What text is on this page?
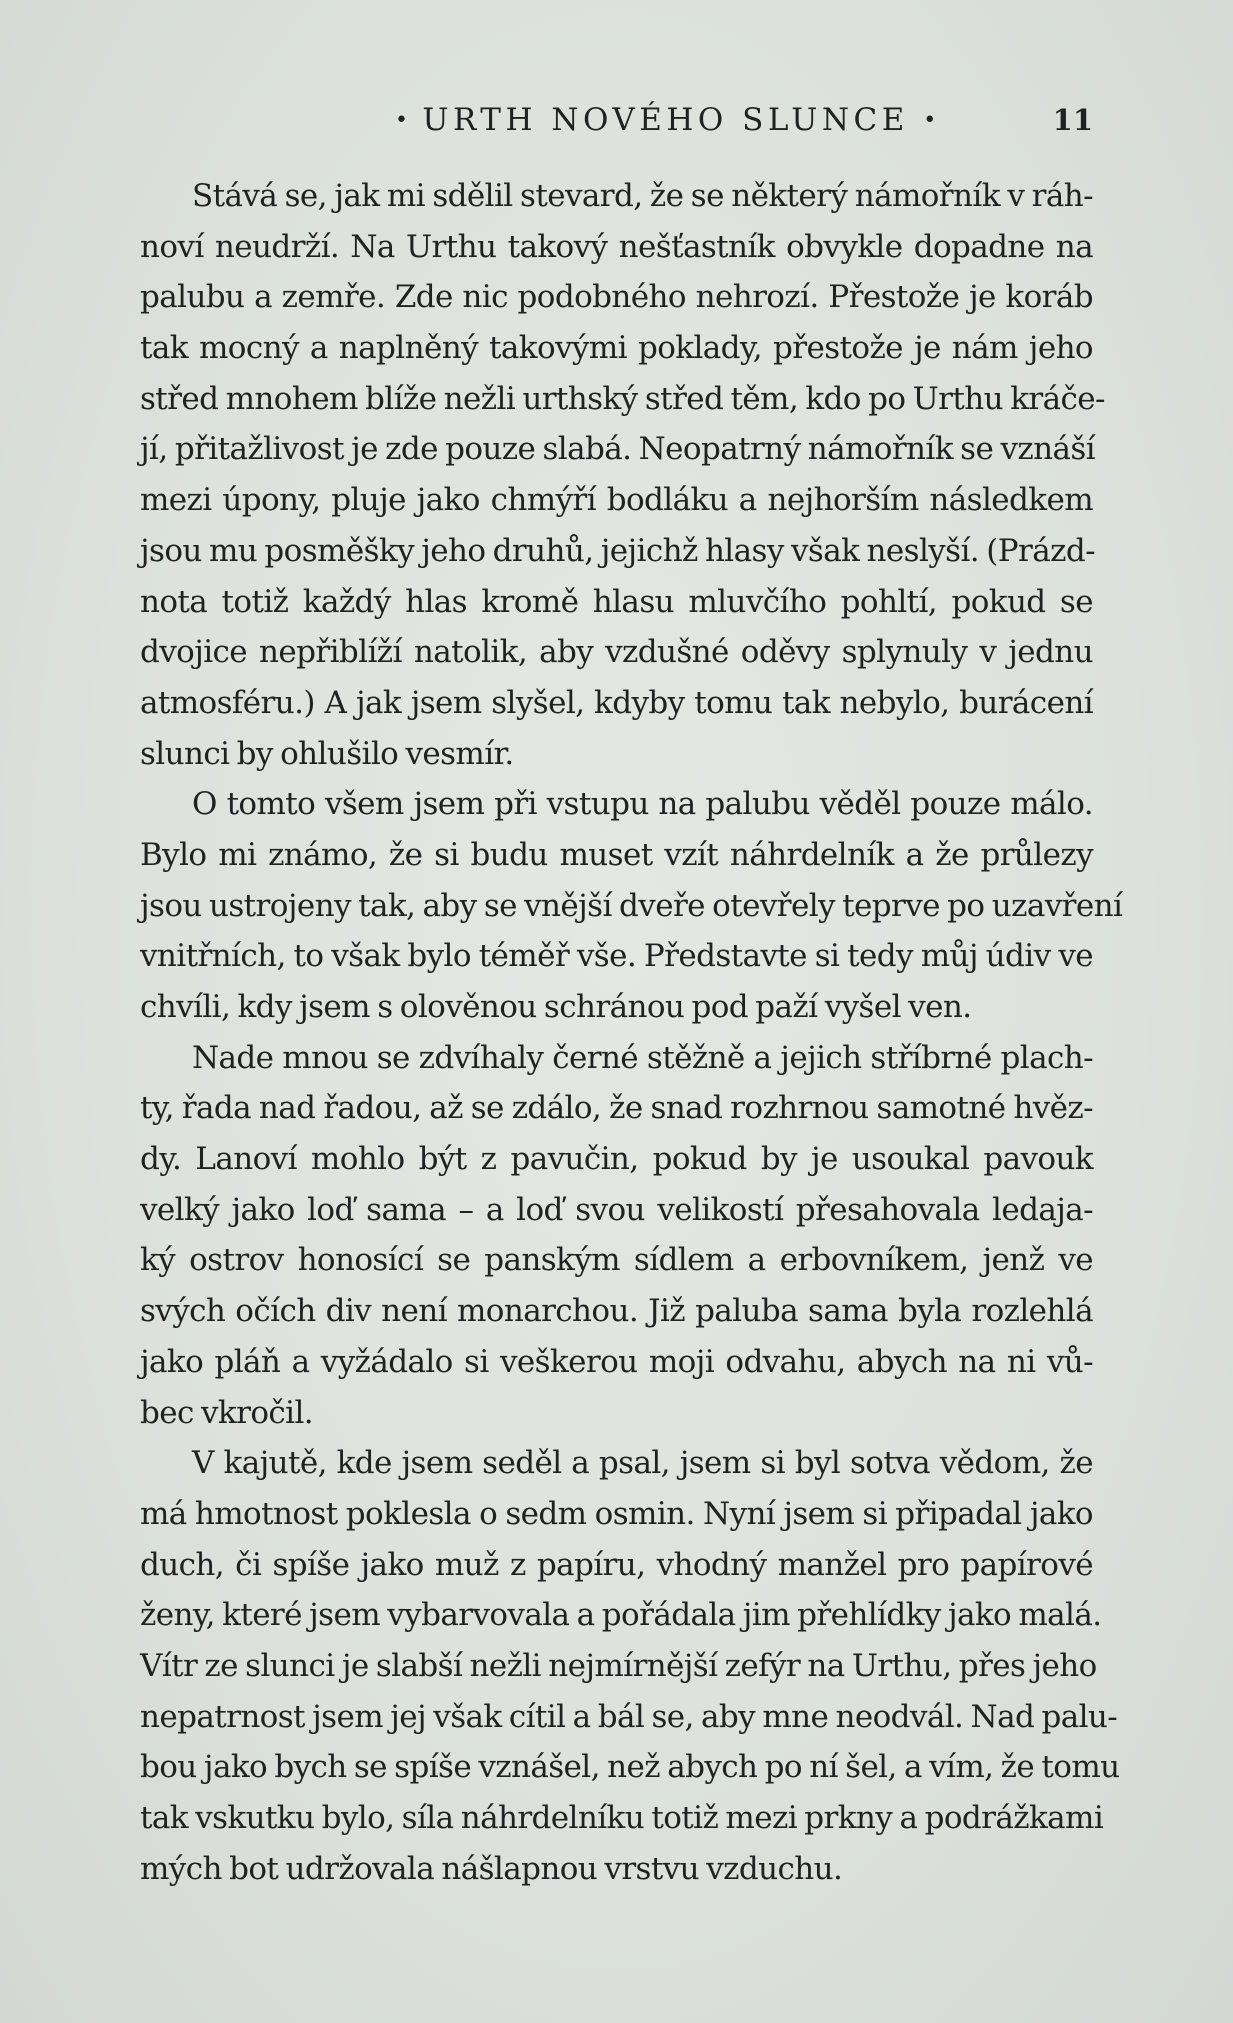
• URTH NOVÉHO SLUNCE •	11
Stává se, jak mi sdělil stevard, že se některý námořník v ráh-
noví neudrží. Na Urthu takový nešťastník obvykle dopadne na
palubu a zemře. Zde nic podobného nehrozí. Přestože je koráb
tak mocný a naplněný takovými poklady, přestože je nám jeho
střed mnohem blíže nežli urthský střed těm, kdo po Urthu kráče-
jí, přitažlivost je zde pouze slabá. Neopatrný námořník se vznáší
mezi úpony, pluje jako chmýří bodláku a nejhorším následkem
jsou mu posměšky jeho druhů, jejichž hlasy však neslyší. (Prázd-
nota totiž každý hlas kromě hlasu mluvčího pohltí, pokud se
dvojice nepřiblíží natolik, aby vzdušné oděvy splynuly v jednu
atmosféru.) A jak jsem slyšel, kdyby tomu tak nebylo, burácení
slunci by ohlušilo vesmír.
O tomto všem jsem při vstupu na palubu věděl pouze málo.
Bylo mi známo, že si budu muset vzít náhrdelník a že průlezy
jsou ustrojeny tak, aby se vnější dveře otevřely teprve po uzavření
vnitřních, to však bylo téměř vše. Představte si tedy můj údiv ve
chvíli, kdy jsem s olověnou schránou pod paží vyšel ven.
Nade mnou se zdvíhaly černé stěžně a jejich stříbrné plach-
ty, řada nad řadou, až se zdálo, že snad rozhrnou samotné hvěz-
dy. Lanoví mohlo být z pavučin, pokud by je usoukal pavouk
velký jako loď sama – a loď svou velikostí přesahovala ledaja-
ký ostrov honosící se panským sídlem a erbovníkem, jenž ve
svých očích div není monarchou. Již paluba sama byla rozlehlá
jako pláň a vyžádalo si veškerou moji odvahu, abych na ni vů-
bec vkročil.
V kajutě, kde jsem seděl a psal, jsem si byl sotva vědom, že
má hmotnost poklesla o sedm osmin. Nyní jsem si připadal jako
duch, či spíše jako muž z papíru, vhodný manžel pro papírové
ženy, které jsem vybarvovala a pořádala jim přehlídky jako malá.
Vítr ze slunci je slabší nežli nejmírnější zefýr na Urthu, přes jeho
nepatrnost jsem jej však cítil a bál se, aby mne neodvál. Nad palu-
bou jako bych se spíše vznášel, než abych po ní šel, a vím, že tomu
tak vskutku bylo, síla náhrdelníku totiž mezi prkny a podrážkami
mých bot udržovala nášlapnou vrstvu vzduchu.
